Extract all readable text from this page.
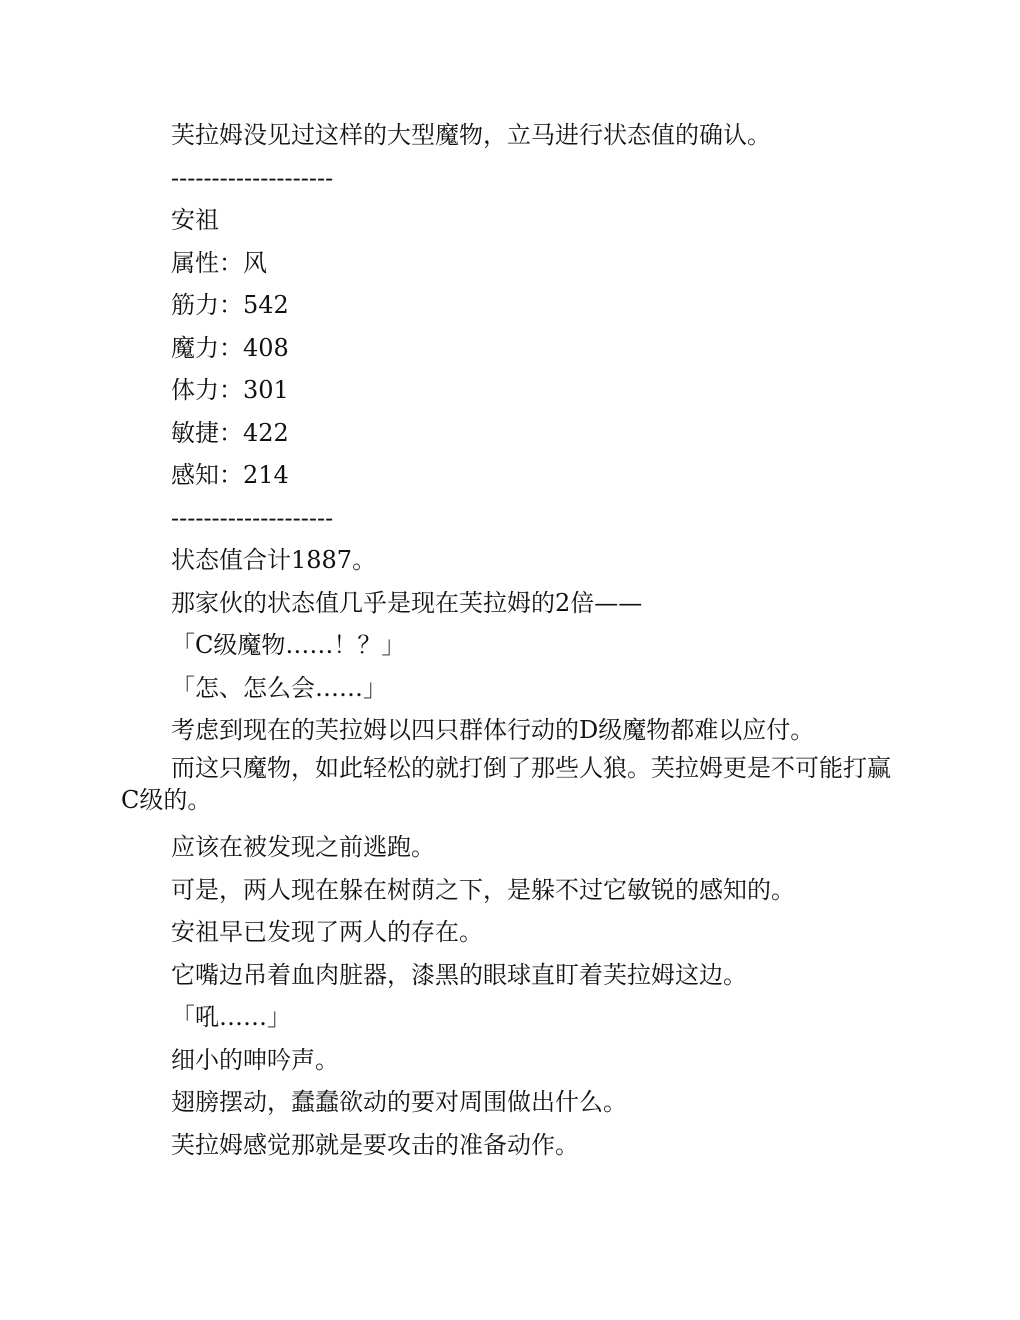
芙拉姆没见过这样的大型魔物，立马进行状态值的确认。

--------------------

安祖

属性：风

筋力：542

魔力：408

体力：301

敏捷：422

感知：214

--------------------

状态值合计1887。

那家伙的状态值几乎是现在芙拉姆的2倍——

「C级魔物……！？」

「怎、怎么会……」

考虑到现在的芙拉姆以四只群体行动的D级魔物都难以应付。

而这只魔物，如此轻松的就打倒了那些人狼。芙拉姆更是不可能打赢C级的。

应该在被发现之前逃跑。

可是，两人现在躲在树荫之下，是躲不过它敏锐的感知的。

安祖早已发现了两人的存在。

它嘴边吊着血肉脏器，漆黑的眼球直盯着芙拉姆这边。

「吼……」

细小的呻吟声。

翅膀摆动，蠢蠢欲动的要对周围做出什么。

芙拉姆感觉那就是要攻击的准备动作。
